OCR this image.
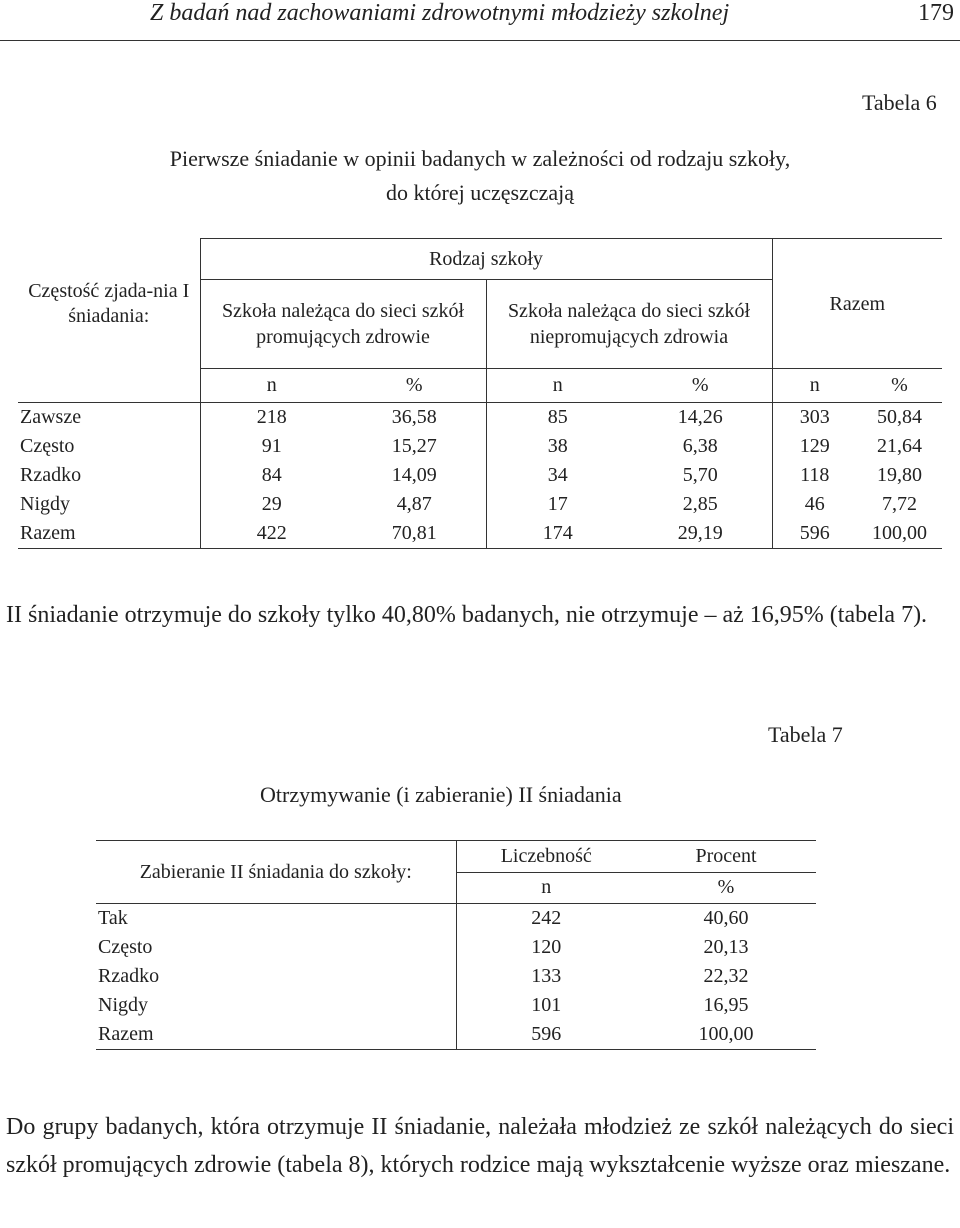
Z badań nad zachowaniami zdrowotnymi młodzieży szkolnej	179
Tabela 6
Pierwsze śniadanie w opinii badanych w zależności od rodzaju szkoły,
do której uczęszczają
Częstość zjada-nia I śniadania:	Rodzaj szkoły				Razem	

	Szkoła należąca do sieci szkół promujących zdrowie		Szkoła należąca do sieci szkół niepromujących zdrowia			

	n	%	n	%	n	%
Zawsze	218	36,58	85	14,26	303	50,84
Często	91	15,27	38	6,38	129	21,64
Rzadko	84	14,09	34	5,70	118	19,80
Nigdy	29	4,87	17	2,85	46	7,72
Razem	422	70,81	174	29,19	596	100,00
II śniadanie otrzymuje do szkoły tylko 40,80% badanych, nie otrzymuje – aż 16,95% (tabela 7).
Tabela 7
Otrzymywanie (i zabieranie) II śniadania
Zabieranie II śniadania do szkoły:	Liczebność	Procent
	n	%
Tak	242	40,60
Często	120	20,13
Rzadko	133	22,32
Nigdy	101	16,95
Razem	596	100,00
Do grupy badanych, która otrzymuje II śniadanie, należała młodzież ze szkół należących do sieci szkół promujących zdrowie (tabela 8), których rodzice mają wykształcenie wyższe oraz mieszane.
